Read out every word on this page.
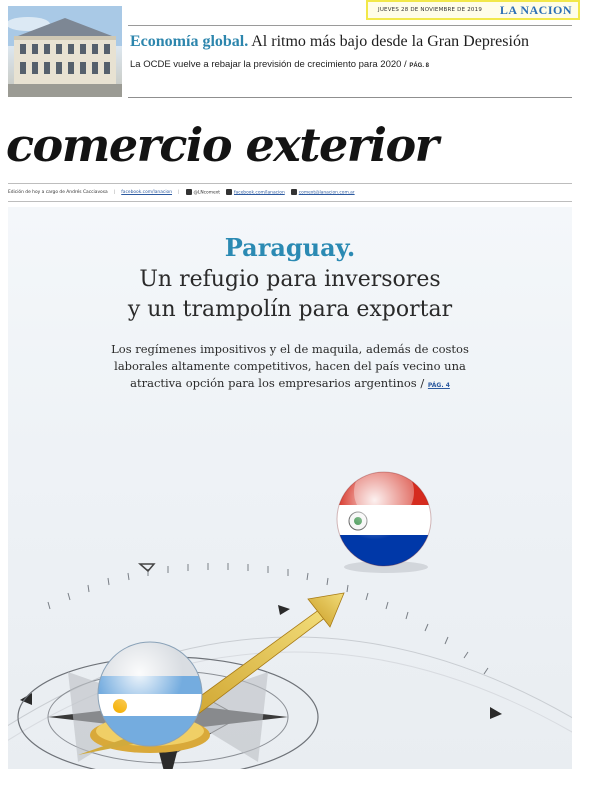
JUEVES 28 DE NOVIEMBRE DE 2019 LA NACION
Economía global. Al ritmo más bajo desde la Gran Depresión
La OCDE vuelve a rebajar la previsión de crecimiento para 2020 / PÁG. 8
comercio exterior
Edición de hoy a cargo de Andrés Cacciavosa | facebook.com/lanacion |	@LNcomext	facebook.com/lanacion	comext@lanacion.com.ar
Paraguay.
Un refugio para inversores
y un trampolín para exportar
Los regímenes impositivos y el de maquila, además de costos laborales altamente competitivos, hacen del país vecino una atractiva opción para los empresarios argentinos / PÁG. 4
